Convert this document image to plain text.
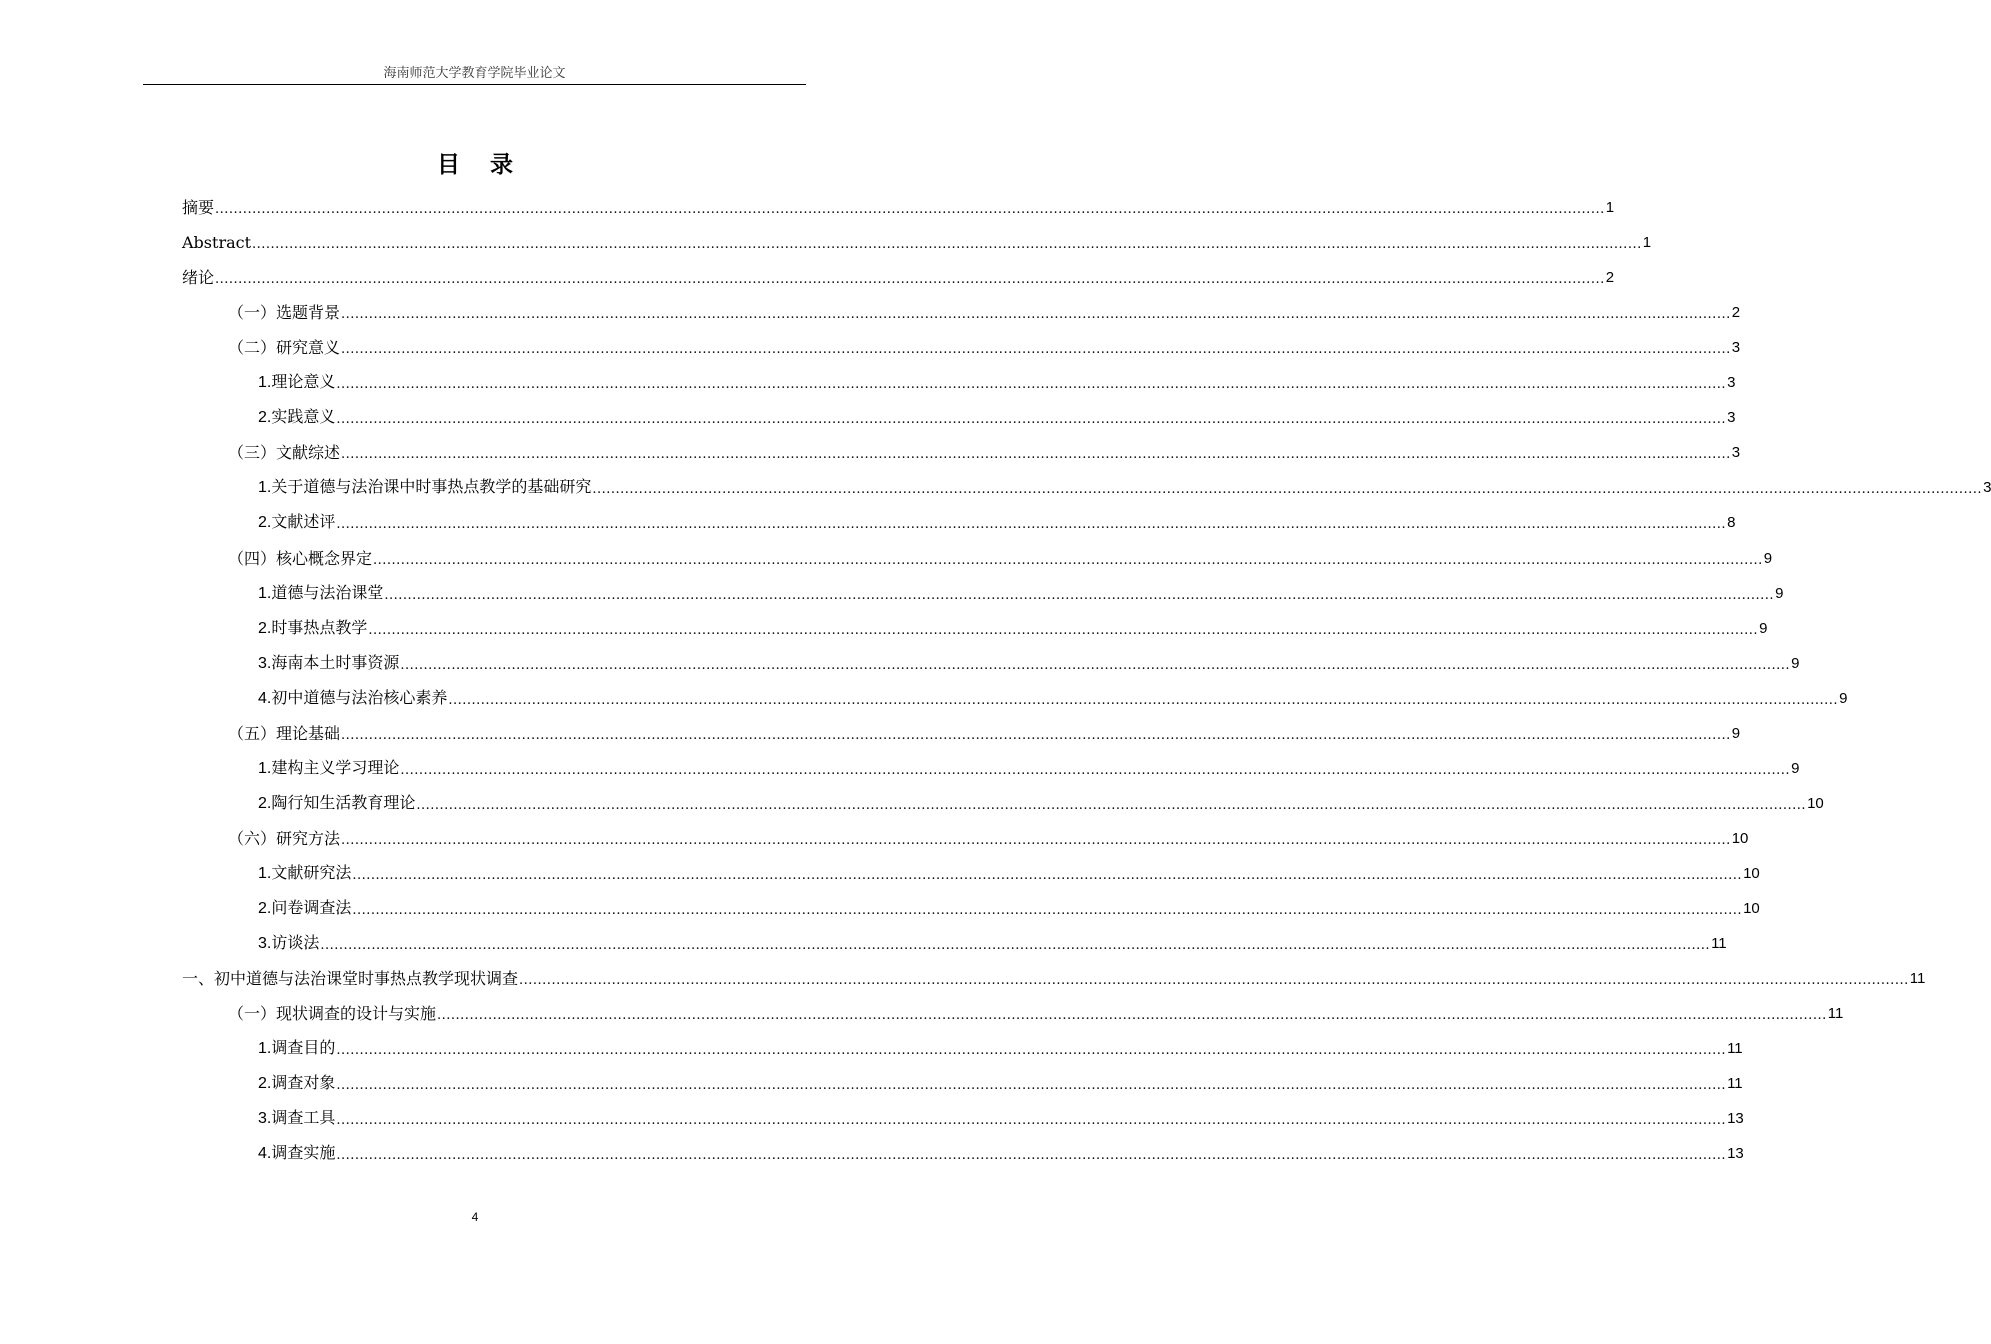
海南师范大学教育学院毕业论文
目录
摘要 ............................................................................................................................................................................................................................................................................................................ 1
Abstract ............................................................................................................................................................................................................................................................................................................ 1
绪论 ............................................................................................................................................................................................................................................................................................................ 2
（一）选题背景 ............................................................................................................................................................................................................................................................................................................ 2
（二）研究意义 ............................................................................................................................................................................................................................................................................................................ 3
1.理论意义 ............................................................................................................................................................................................................................................................................................................ 3
2.实践意义 ............................................................................................................................................................................................................................................................................................................ 3
（三）文献综述 ............................................................................................................................................................................................................................................................................................................ 3
1.关于道德与法治课中时事热点教学的基础研究 ............................................................................................................................................................................................................................................................................................................ 3
2.文献述评 ............................................................................................................................................................................................................................................................................................................ 8
（四）核心概念界定 ............................................................................................................................................................................................................................................................................................................ 9
1.道德与法治课堂 ............................................................................................................................................................................................................................................................................................................ 9
2.时事热点教学 ............................................................................................................................................................................................................................................................................................................ 9
3.海南本土时事资源 ............................................................................................................................................................................................................................................................................................................ 9
4.初中道德与法治核心素养 ............................................................................................................................................................................................................................................................................................................ 9
（五）理论基础 ............................................................................................................................................................................................................................................................................................................ 9
1.建构主义学习理论 ............................................................................................................................................................................................................................................................................................................ 9
2.陶行知生活教育理论 ............................................................................................................................................................................................................................................................................................................ 10
（六）研究方法 ............................................................................................................................................................................................................................................................................................................ 10
1.文献研究法 ............................................................................................................................................................................................................................................................................................................ 10
2.问卷调查法 ............................................................................................................................................................................................................................................................................................................ 10
3.访谈法 ............................................................................................................................................................................................................................................................................................................ 11
一、初中道德与法治课堂时事热点教学现状调查 ............................................................................................................................................................................................................................................................................................................ 11
（一）现状调查的设计与实施 ............................................................................................................................................................................................................................................................................................................ 11
1.调查目的 ............................................................................................................................................................................................................................................................................................................ 11
2.调查对象 ............................................................................................................................................................................................................................................................................................................ 11
3.调查工具 ............................................................................................................................................................................................................................................................................................................ 13
4.调查实施 ............................................................................................................................................................................................................................................................................................................ 13
4
